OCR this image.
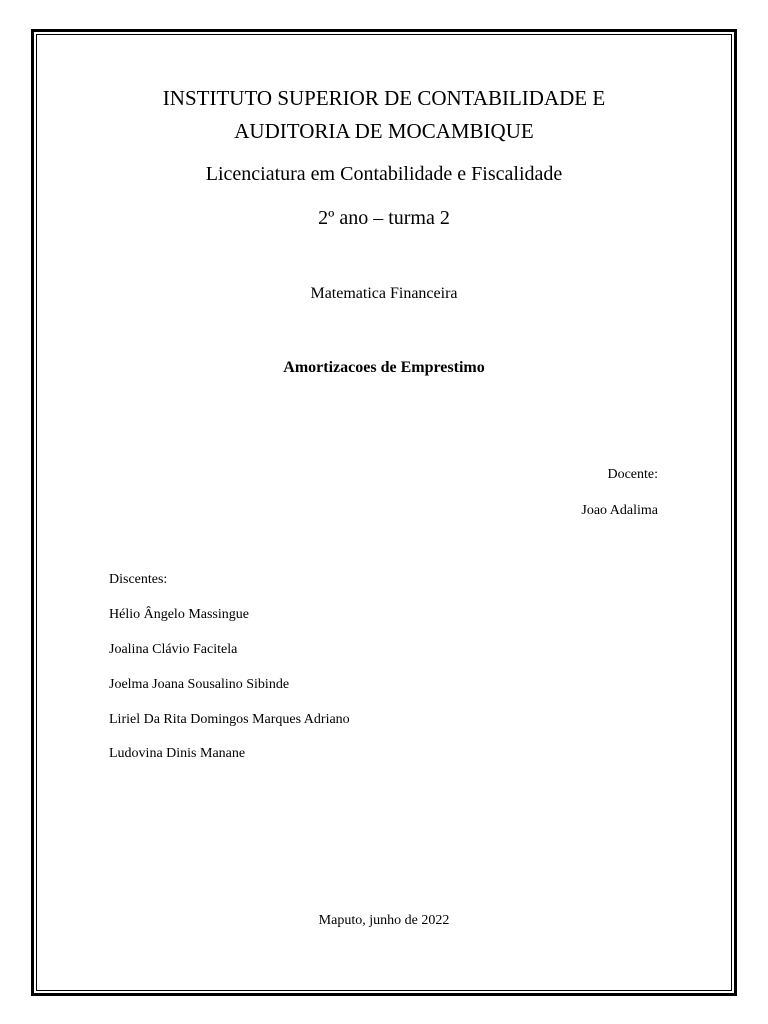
INSTITUTO SUPERIOR DE CONTABILIDADE E
AUDITORIA DE MOCAMBIQUE
Licenciatura em Contabilidade e Fiscalidade
2º ano – turma 2
Matematica Financeira
Amortizacoes de Emprestimo
Docente:
Joao Adalima
Discentes:
Hélio Ângelo Massingue
Joalina Clávio Facitela
Joelma Joana Sousalino Sibinde
Liriel Da Rita Domingos Marques Adriano
Ludovina Dinis Manane
Maputo, junho de 2022
